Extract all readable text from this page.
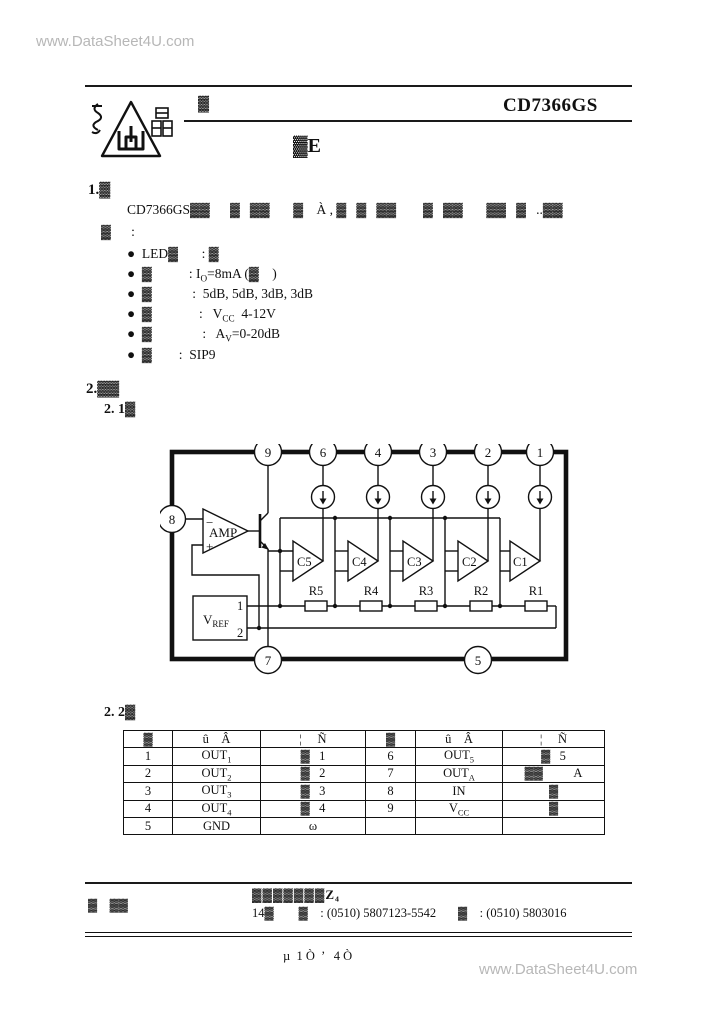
www.DataSheet4U.com
www.DataSheet4U.com
▓	CD7366GS
▓E
1.▓
CD7366GS▓▓      ▓   ▓▓       ▓    À , ▓   ▓   ▓▓        ▓   ▓▓       ▓▓   ▓   ..▓▓
▓      :
●  LED▓       : ▓
●  ▓           : $I_O=8mA$ (▓    )
●  ▓            :  5dB, 5dB, 3dB, 3dB
●  ▓              :   $V_{CC}$  4-12V
●  ▓               :   $A_V=0-20dB$
●  ▓        :  SIP9
2.▓▓
2. 1▓
9	6	4	3	2	1
8
7	5
−
+
AMP
C5	C4	C3	C2	C1
R5	R4	R3	R2	R1
$V_{REF}$
1
2
2. 2▓
▓	û    Â	¦     Ñ	▓	û    Â	¦     Ñ
1	$OUT_1$	▓   1	6	$OUT_5$	▓   5
2	$OUT_2$	▓   2	7	$OUT_A$	▓▓          A
3	$OUT_3$	▓   3	8	IN	▓
4	$OUT_4$	▓   4	9	$V_{CC}$	▓
5	GND	ω			
▓    ▓▓
▓▓▓▓▓▓▓Z₄
14▓        ▓    : (0510) 5807123-5542       ▓    : (0510) 5803016
µ  1 Ò  ’   4 Ò
